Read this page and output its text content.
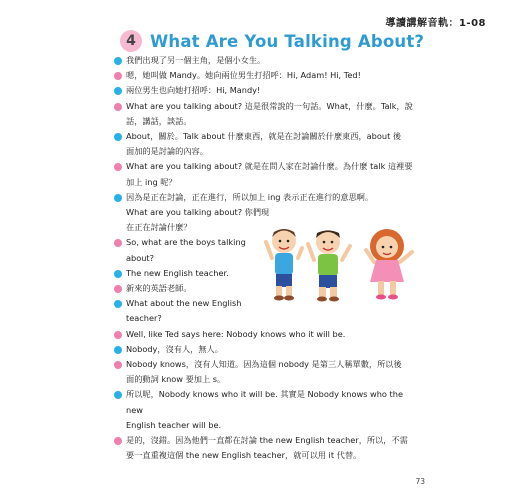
導讀講解音軌：1-08
4 What Are You Talking About?
我們出現了另一個主角，是個小女生。
嗯，她叫做 Mandy。她向兩位男生打招呼：Hi, Adam! Hi, Ted!
兩位男生也向她打招呼：Hi, Mandy!
What are you talking about? 這是很常說的一句話。What，什麼。Talk，說
話，講話，談話。
About，關於。Talk about 什麼東西，就是在討論關於什麼東西，about 後
面加的是討論的內容。
What are you talking about? 就是在問人家在討論什麼。為什麼 talk 這裡要
加上 ing 呢？
因為是正在討論，正在進行，所以加上 ing 表示正在進行的意思啊。
What are you talking about? 你們現
在正在討論什麼？
So, what are the boys talking
about?
The new English teacher.
新來的英語老師。
What about the new English
teacher?
Well, like Ted says here: Nobody knows who it will be.
Nobody，沒有人，無人。
Nobody knows，沒有人知道。因為這個 nobody 是第三人稱單數，所以後
面的動詞 know 要加上 s。
所以呢，Nobody knows who it will be. 其實是 Nobody knows who the new
English teacher will be.
是的，沒錯。因為他們一直都在討論 the new English teacher，所以，不需
要一直重複這個 the new English teacher，就可以用 it 代替。
73
